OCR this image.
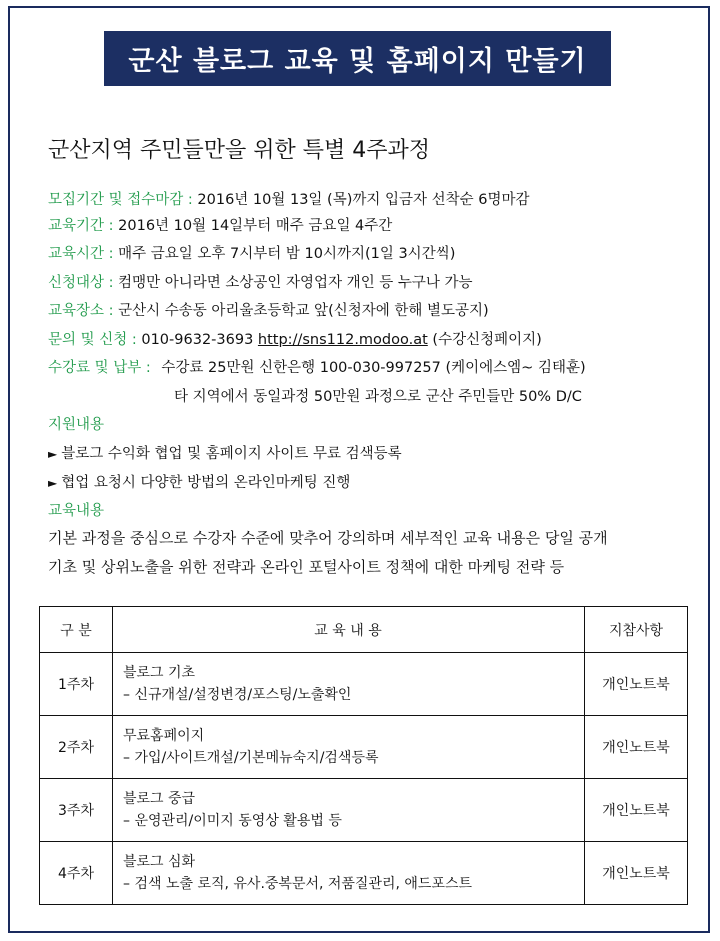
군산 블로그 교육 및 홈페이지 만들기
군산지역 주민들만을 위한 특별 4주과정
모집기간 및 접수마감 : 2016년 10월 13일 (목)까지 입금자 선착순 6명마감
교육기간 : 2016년 10월 14일부터 매주 금요일 4주간
교육시간 : 매주 금요일 오후 7시부터 밤 10시까지(1일 3시간씩)
신청대상 : 컴맹만 아니라면 소상공인 자영업자 개인 등 누구나 가능
교육장소 : 군산시 수송동 아리울초등학교 앞(신청자에 한해 별도공지)
문의 및 신청 : 010-9632-3693 http://sns112.modoo.at (수강신청페이지)
수강료 및 납부 : 수강료 25만원 신한은행 100-030-997257 (케이에스엠~ 김태훈)
타 지역에서 동일과정 50만원 과정으로 군산 주민들만 50% D/C
지원내용
► 블로그 수익화 협업 및 홈페이지 사이트 무료 검색등록
► 협업 요청시 다양한 방법의 온라인마케팅 진행
교육내용
기본 과정을 중심으로 수강자 수준에 맞추어 강의하며 세부적인 교육 내용은 당일 공개
기초 및 상위노출을 위한 전략과 온라인 포털사이트 정책에 대한 마케팅 전략 등
구 분	교 육 내 용	지참사항
1주차	블로그 기초
– 신규개설/설정변경/포스팅/노출확인	개인노트북
2주차	무료홈페이지
– 가입/사이트개설/기본메뉴숙지/검색등록	개인노트북
3주차	블로그 중급
– 운영관리/이미지 동영상 활용법 등	개인노트북
4주차	블로그 심화
– 검색 노출 로직, 유사.중복문서, 저품질관리, 애드포스트	개인노트북
